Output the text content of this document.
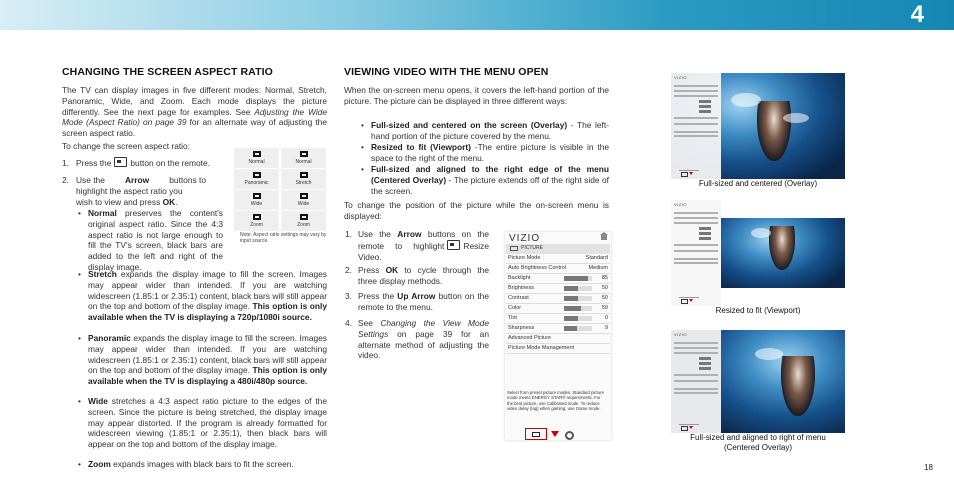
4
CHANGING THE SCREEN ASPECT RATIO
The TV can display images in five different modes: Normal, Stretch, Panoramic, Wide, and Zoom. Each mode displays the picture differently. See the next page for examples. See Adjusting the Wide Mode (Aspect Ratio) on page 39 for an alternate way of adjusting the screen aspect ratio.
To change the screen aspect ratio:
1. Press the button on the remote.
2. Use the Arrow buttons to
highlight the aspect ratio you
wish to view and press OK.
• Normal preserves the content's original aspect ratio. Since the 4:3 aspect ratio is not large enough to fill the TV's screen, black bars are added to the left and right of the display image.
• Stretch expands the display image to fill the screen. Images may appear wider than intended. If you are watching widescreen (1.85:1 or 2.35:1) content, black bars will still appear on the top and bottom of the display image. This option is only available when the TV is displaying a 720p/1080i source.
• Panoramic expands the display image to fill the screen. Images may appear wider than intended. If you are watching widescreen (1.85:1 or 2.35:1) content, black bars will still appear on the top and bottom of the display image. This option is only available when the TV is displaying a 480i/480p source.
• Wide stretches a 4:3 aspect ratio picture to the edges of the screen. Since the picture is being stretched, the display image may appear distorted. If the program is already formatted for widescreen viewing (1.85:1 or 2.35:1), then black bars will appear on the top and bottom of the display image.
• Zoom expands images with black bars to fit the screen.
Normal	Normal
Panoramic	Stretch
Wide	Wide
Zoom	Zoom
Note: Aspect ratio settings may vary by input source.
VIEWING VIDEO WITH THE MENU OPEN
When the on-screen menu opens, it covers the left-hand portion of the picture. The picture can be displayed in three different ways:
• Full-sized and centered on the screen (Overlay) - The left-hand portion of the picture covered by the menu.
• Resized to fit (Viewport) -The entire picture is visible in the space to the right of the menu.
• Full-sized and aligned to the right edge of the menu (Centered Overlay) - The picture extends off of the right side of the screen.
To change the position of the picture while the on-screen menu is displayed:
1. Use the Arrow buttons on the remote to highlight Resize Video.
2. Press OK to cycle through the three display methods.
3. Press the Up Arrow button on the remote to the menu.
4. See Changing the View Mode Settings on page 39 for an alternate method of adjusting the video.
VIZIO
PICTURE
Picture Mode	Standard
Auto Brightness Control	Medium
Backlight	85
Brightness	50
Contrast	50
Color	59
Tint	0
Sharpness	9
Advanced Picture
Picture Mode Management
Select from preset picture modes. Standard picture mode meets ENERGY STAR® requirements. For the best picture, use Calibrated mode. To reduce video delay (lag) when gaming, use Game mode.
VIZIO
Full-sized and centered (Overlay)
VIZIO
Resized to fit (Viewport)
VIZIO
Full-sized and aligned to right of menu
(Centered Overlay)
18
